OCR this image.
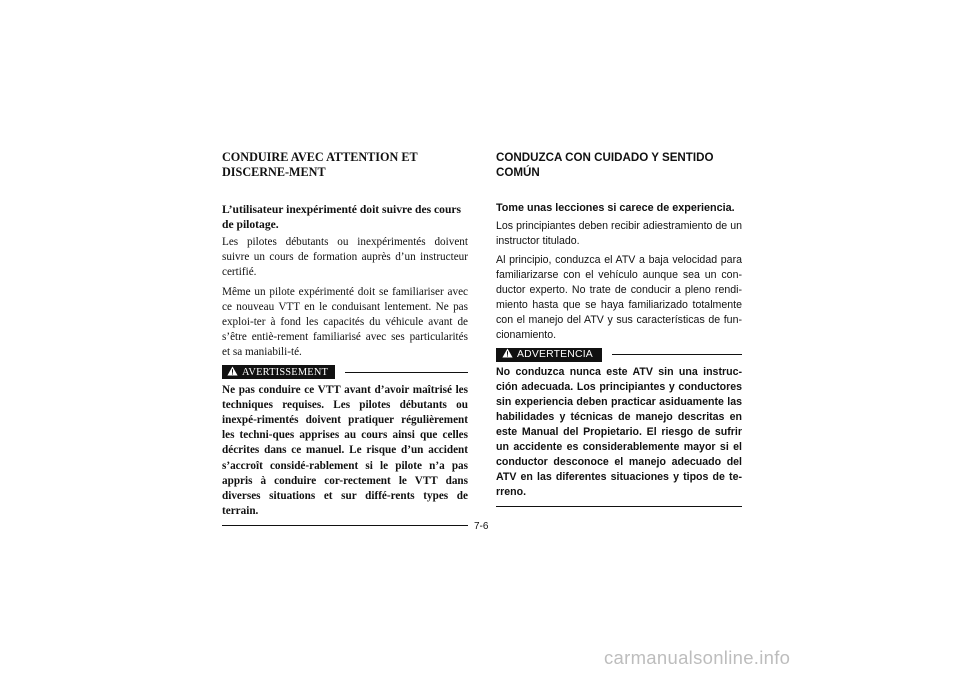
CONDUIRE AVEC ATTENTION ET DISCERNE-MENT

L’utilisateur inexpérimenté doit suivre des cours de pilotage.

Les pilotes débutants ou inexpérimentés doivent suivre un cours de formation auprès d’un instructeur certifié.

Même un pilote expérimenté doit se familiariser avec ce nouveau VTT en le conduisant lentement. Ne pas exploi-ter à fond les capacités du véhicule avant de s’être entiè-rement familiarisé avec ses particularités et sa maniabili-té.

AVERTISSEMENT

Ne pas conduire ce VTT avant d’avoir maîtrisé les techniques requises. Les pilotes débutants ou inexpé-rimentés doivent pratiquer régulièrement les techni-ques apprises au cours ainsi que celles décrites dans ce manuel. Le risque d’un accident s’accroît considé-rablement si le pilote n’a pas appris à conduire cor-rectement le VTT dans diverses situations et sur diffé-rents types de terrain.

CONDUZCA CON CUIDADO Y SENTIDO COMÚN

Tome unas lecciones si carece de experiencia.

Los principiantes deben recibir adiestramiento de un instructor titulado.

Al principio, conduzca el ATV a baja velocidad para familiarizarse con el vehículo aunque sea un con-ductor experto. No trate de conducir a pleno rendi-miento hasta que se haya familiarizado totalmente con el manejo del ATV y sus características de fun-cionamiento.

ADVERTENCIA

No conduzca nunca este ATV sin una instruc-ción adecuada. Los principiantes y conductores sin experiencia deben practicar asiduamente las habilidades y técnicas de manejo descritas en este Manual del Propietario. El riesgo de sufrir un accidente es considerablemente mayor si el conductor desconoce el manejo adecuado del ATV en las diferentes situaciones y tipos de te-rreno.

7-6
carmanualsonline.info
